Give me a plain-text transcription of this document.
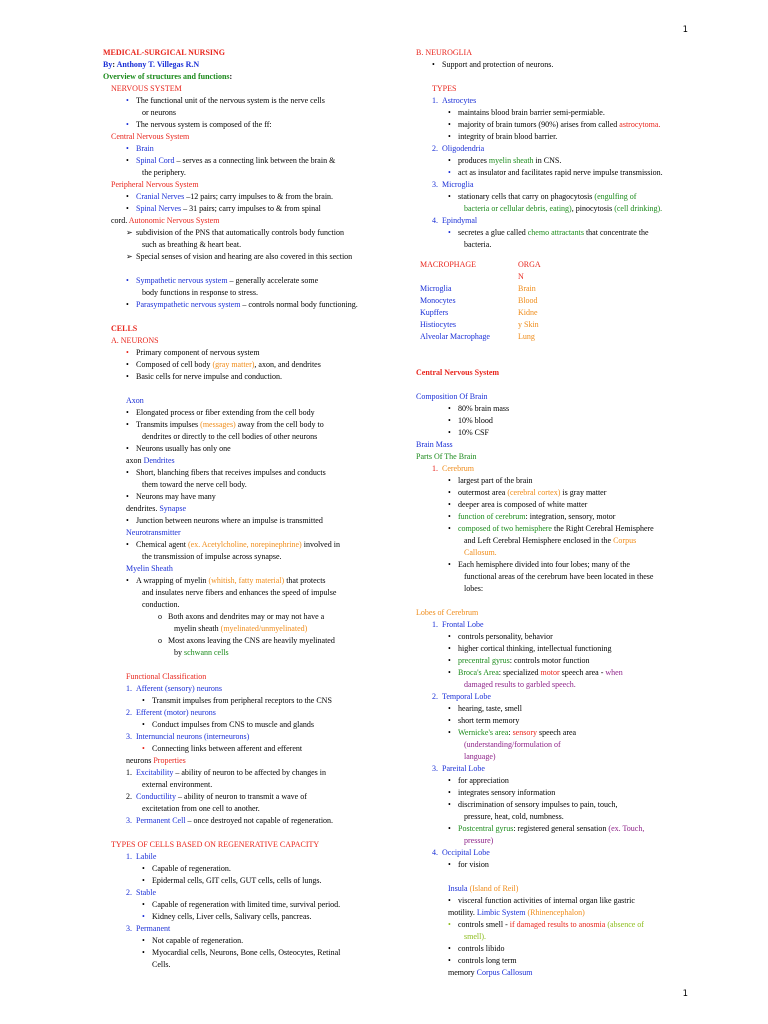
1
MEDICAL-SURGICAL NURSING
By: Anthony T. Villegas R.N
Overview of structures and functions:
NERVOUS SYSTEM
• The functional unit of the nervous system is the nerve cells
or neurons
• The nervous system is composed of the ff:
Central Nervous System
• Brain
• Spinal Cord – serves as a connecting link between the brain &
the periphery.
Peripheral Nervous System
• Cranial Nerves –12 pairs; carry impulses to & from the brain.
• Spinal Nerves – 31 pairs; carry impulses to & from spinal
cord. Autonomic Nervous System
➢ subdivision of the PNS that automatically controls body function
such as breathing & heart beat.
➢ Special senses of vision and hearing are also covered in this section
• Sympathetic nervous system – generally accelerate some
body functions in response to stress.
• Parasympathetic nervous system – controls normal body functioning.
CELLS
A. NEURONS
• Primary component of nervous system
• Composed of cell body (gray matter), axon, and dendrites
• Basic cells for nerve impulse and conduction.
Axon
• Elongated process or fiber extending from the cell body
• Transmits impulses (messages) away from the cell body to
dendrites or directly to the cell bodies of other neurons
• Neurons usually has only one
axon Dendrites
• Short, blanching fibers that receives impulses and conducts
them toward the nerve cell body.
• Neurons may have many
dendrites. Synapse
• Junction between neurons where an impulse is transmitted
Neurotransmitter
• Chemical agent (ex. Acetylcholine, norepinephrine) involved in
the transmission of impulse across synapse.
Myelin Sheath
• A wrapping of myelin (whitish, fatty material) that protects
and insulates nerve fibers and enhances the speed of impulse
conduction.
o Both axons and dendrites may or may not have a
myelin sheath (myelinated/unmyelinated)
o Most axons leaving the CNS are heavily myelinated
by schwann cells
Functional Classification
1. Afferent (sensory) neurons
• Transmit impulses from peripheral receptors to the CNS
2. Efferent (motor) neurons
• Conduct impulses from CNS to muscle and glands
3. Internuncial neurons (interneurons)
• Connecting links between afferent and efferent
neurons Properties
1. Excitability – ability of neuron to be affected by changes in
external environment.
2. Conductility – ability of neuron to transmit a wave of
excitetation from one cell to another.
3. Permanent Cell – once destroyed not capable of regeneration.
TYPES OF CELLS BASED ON REGENERATIVE CAPACITY
1. Labile
• Capable of regeneration.
• Epidermal cells, GIT cells, GUT cells, cells of lungs.
2. Stable
• Capable of regeneration with limited time, survival period.
• Kidney cells, Liver cells, Salivary cells, pancreas.
3. Permanent
• Not capable of regeneration.
• Myocardial cells, Neurons, Bone cells, Osteocytes, Retinal
Cells.
B. NEUROGLIA
• Support and protection of neurons.
TYPES
1. Astrocytes
• maintains blood brain barrier semi-permiable.
• majority of brain tumors (90%) arises from called astrocytoma.
• integrity of brain blood barrier.
2. Oligodendria
• produces myelin sheath in CNS.
• act as insulator and facilitates rapid nerve impulse transmission.
3. Microglia
• stationary cells that carry on phagocytosis (engulfing of
bacteria or cellular debris, eating), pinocytosis (cell drinking).
4. Epindymal
• secretes a glue called chemo attractants that concentrate the
bacteria.
MACROPHAGE	ORGA
N
Microglia	Brain
Monocytes	Blood
Kupffers	Kidne
Histiocytes	y Skin
Alveolar Macrophage	Lung
Central Nervous System
Composition Of Brain
• 80% brain mass
• 10% blood
• 10% CSF
Brain Mass
Parts Of The Brain
1. Cerebrum
• largest part of the brain
• outermost area (cerebral cortex) is gray matter
• deeper area is composed of white matter
• function of cerebrum: integration, sensory, motor
• composed of two hemisphere the Right Cerebral Hemisphere
and Left Cerebral Hemisphere enclosed in the Corpus
Callosum.
• Each hemisphere divided into four lobes; many of the
functional areas of the cerebrum have been located in these
lobes:
Lobes of Cerebrum
1. Frontal Lobe
• controls personality, behavior
• higher cortical thinking, intellectual functioning
• precentral gyrus: controls motor function
• Broca's Area: specialized motor speech area - when
damaged results to garbled speech.
2. Temporal Lobe
• hearing, taste, smell
• short term memory
• Wernicke's area: sensory speech area
(understanding/formulation of
language)
3. Pareital Lobe
• for appreciation
• integrates sensory information
• discrimination of sensory impulses to pain, touch,
pressure, heat, cold, numbness.
• Postcentral gyrus: registered general sensation (ex. Touch,
pressure)
4. Occipital Lobe
• for vision
Insula (Island of Reil)
• visceral function activities of internal organ like gastric
motility. Limbic System (Rhinencephalon)
• controls smell - if damaged results to anosmia (absence of
smell).
• controls libido
• controls long term
memory Corpus Callosum
1
